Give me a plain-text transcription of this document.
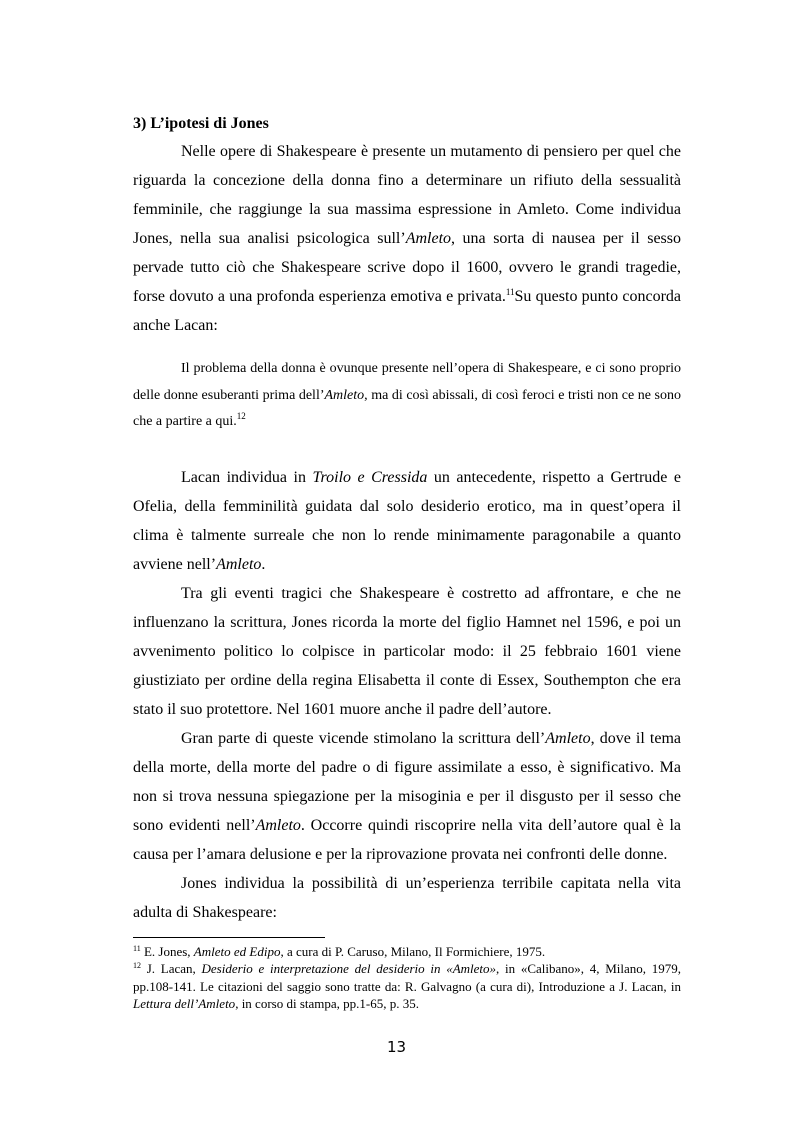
3) L’ipotesi di Jones

Nelle opere di Shakespeare è presente un mutamento di pensiero per quel che riguarda la concezione della donna fino a determinare un rifiuto della sessualità femminile, che raggiunge la sua massima espressione in Amleto. Come individua Jones, nella sua analisi psicologica sull’Amleto, una sorta di nausea per il sesso pervade tutto ciò che Shakespeare scrive dopo il 1600, ovvero le grandi tragedie, forse dovuto a una profonda esperienza emotiva e privata.$^{11}$Su questo punto concorda anche Lacan:

Il problema della donna è ovunque presente nell’opera di Shakespeare, e ci sono proprio delle donne esuberanti prima dell’Amleto, ma di così abissali, di così feroci e tristi non ce ne sono che a partire a qui.$^{12}$

Lacan individua in Troilo e Cressida un antecedente, rispetto a Gertrude e Ofelia, della femminilità guidata dal solo desiderio erotico, ma in quest’opera il clima è talmente surreale che non lo rende minimamente paragonabile a quanto avviene nell’Amleto.

Tra gli eventi tragici che Shakespeare è costretto ad affrontare, e che ne influenzano la scrittura, Jones ricorda la morte del figlio Hamnet nel 1596, e poi un avvenimento politico lo colpisce in particolar modo: il 25 febbraio 1601 viene giustiziato per ordine della regina Elisabetta il conte di Essex, Southempton che era stato il suo protettore. Nel 1601 muore anche il padre dell’autore.

Gran parte di queste vicende stimolano la scrittura dell’Amleto, dove il tema della morte, della morte del padre o di figure assimilate a esso, è significativo. Ma non si trova nessuna spiegazione per la misoginia e per il disgusto per il sesso che sono evidenti nell’Amleto. Occorre quindi riscoprire nella vita dell’autore qual è la causa per l’amara delusione e per la riprovazione provata nei confronti delle donne.

Jones individua la possibilità di un’esperienza terribile capitata nella vita adulta di Shakespeare:

$^{11}$ E. Jones, Amleto ed Edipo, a cura di P. Caruso, Milano, Il Formichiere, 1975.

$^{12}$ J. Lacan, Desiderio e interpretazione del desiderio in «Amleto», in «Calibano», 4, Milano, 1979, pp.108-141. Le citazioni del saggio sono tratte da: R. Galvagno (a cura di), Introduzione a J. Lacan, in Lettura dell’Amleto, in corso di stampa, pp.1-65, p. 35.

13
